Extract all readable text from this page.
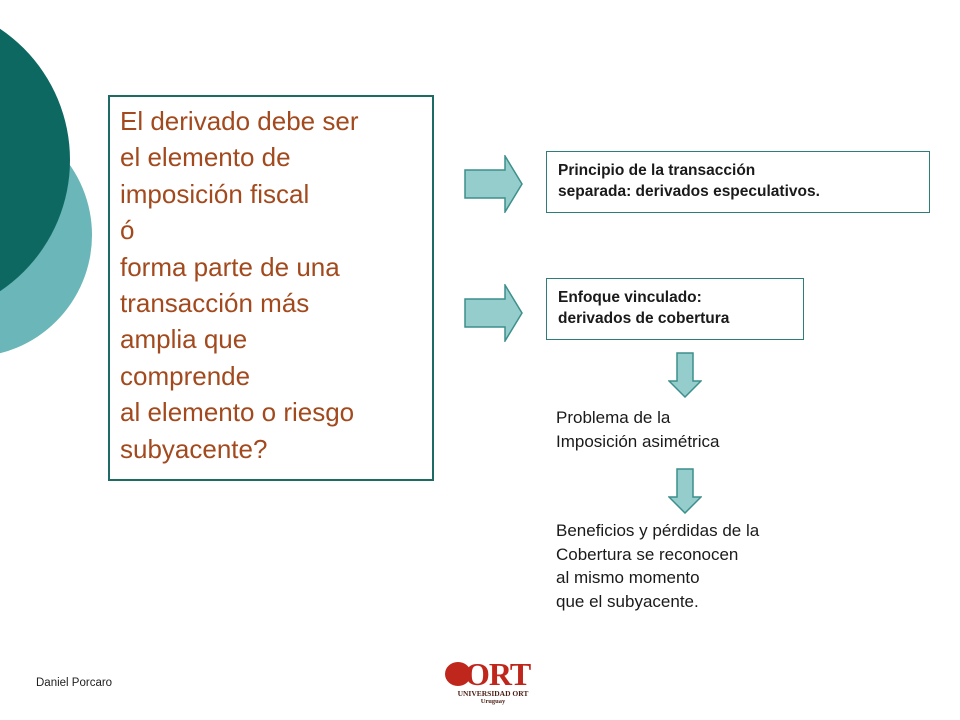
El derivado debe ser
el elemento de
imposición fiscal
ó
forma parte de una
transacción más
amplia que
comprende
al elemento o riesgo
subyacente?
Principio de la transacción
separada: derivados especulativos.
Enfoque vinculado:
derivados de cobertura
Problema de la
Imposición asimétrica
Beneficios y pérdidas de la
Cobertura se reconocen
al mismo momento
que el subyacente.
Daniel Porcaro	ORT
UNIVERSIDAD ORT
Uruguay
